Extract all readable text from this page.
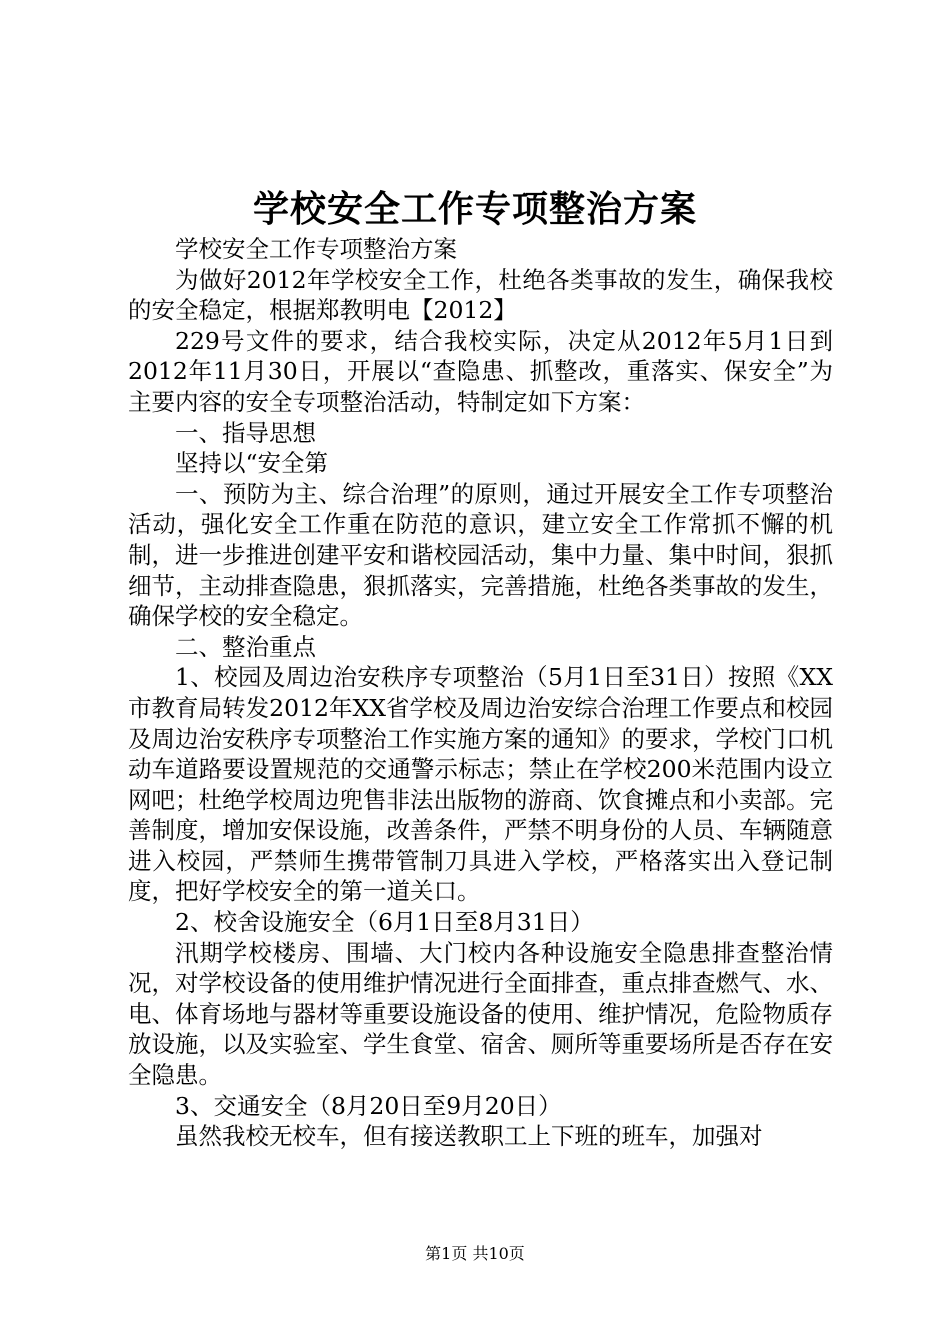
学校安全工作专项整治方案

学校安全工作专项整治方案

为做好2012年学校安全工作，杜绝各类事故的发生，确保我校的安全稳定，根据郑教明电【2012】

229号文件的要求，结合我校实际，决定从2012年5月1日到2012年11月30日，开展以“查隐患、抓整改，重落实、保安全”为主要内容的安全专项整治活动，特制定如下方案：

一、指导思想

坚持以“安全第

一、预防为主、综合治理”的原则，通过开展安全工作专项整治活动，强化安全工作重在防范的意识，建立安全工作常抓不懈的机制，进一步推进创建平安和谐校园活动，集中力量、集中时间，狠抓细节，主动排查隐患，狠抓落实，完善措施，杜绝各类事故的发生，确保学校的安全稳定。

二、整治重点

1、校园及周边治安秩序专项整治（5月1日至31日）按照《XX市教育局转发2012年XX省学校及周边治安综合治理工作要点和校园及周边治安秩序专项整治工作实施方案的通知》的要求，学校门口机动车道路要设置规范的交通警示标志；禁止在学校200米范围内设立网吧；杜绝学校周边兜售非法出版物的游商、饮食摊点和小卖部。完善制度，增加安保设施，改善条件，严禁不明身份的人员、车辆随意进入校园，严禁师生携带管制刀具进入学校，严格落实出入登记制度，把好学校安全的第一道关口。

2、校舍设施安全（6月1日至8月31日）

汛期学校楼房、围墙、大门校内各种设施安全隐患排查整治情况，对学校设备的使用维护情况进行全面排查，重点排查燃气、水、电、体育场地与器材等重要设施设备的使用、维护情况，危险物质存放设施，以及实验室、学生食堂、宿舍、厕所等重要场所是否存在安全隐患。

3、交通安全（8月20日至9月20日）

虽然我校无校车，但有接送教职工上下班的班车，加强对

第1页 共10页
